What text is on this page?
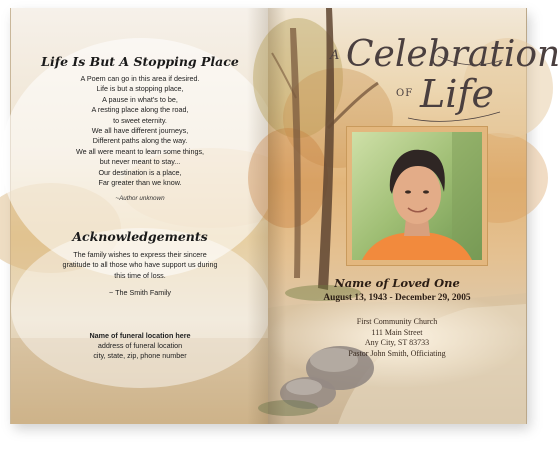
Life Is But A Stopping Place
A Poem can go in this area if desired.
Life is but a stopping place,
A pause in what's to be,
A resting place along the road,
to sweet eternity.
We all have different journeys,
Different paths along the way.
We all were meant to learn some things,
but never meant to stay...
Our destination is a place,
Far greater than we know.
~Author unknown
Acknowledgements
The family wishes to express their sincere
gratitude to all those who have support us during
this time of loss.
~ The Smith Family
Name of funeral location here
address of funeral location
city, state, zip, phone number
A Celebration
OF Life
Name of Loved One
August 13, 1943 - December 29, 2005
First Community Church
111 Main Street
Any City, ST 83733
Pastor John Smith, Officiating
